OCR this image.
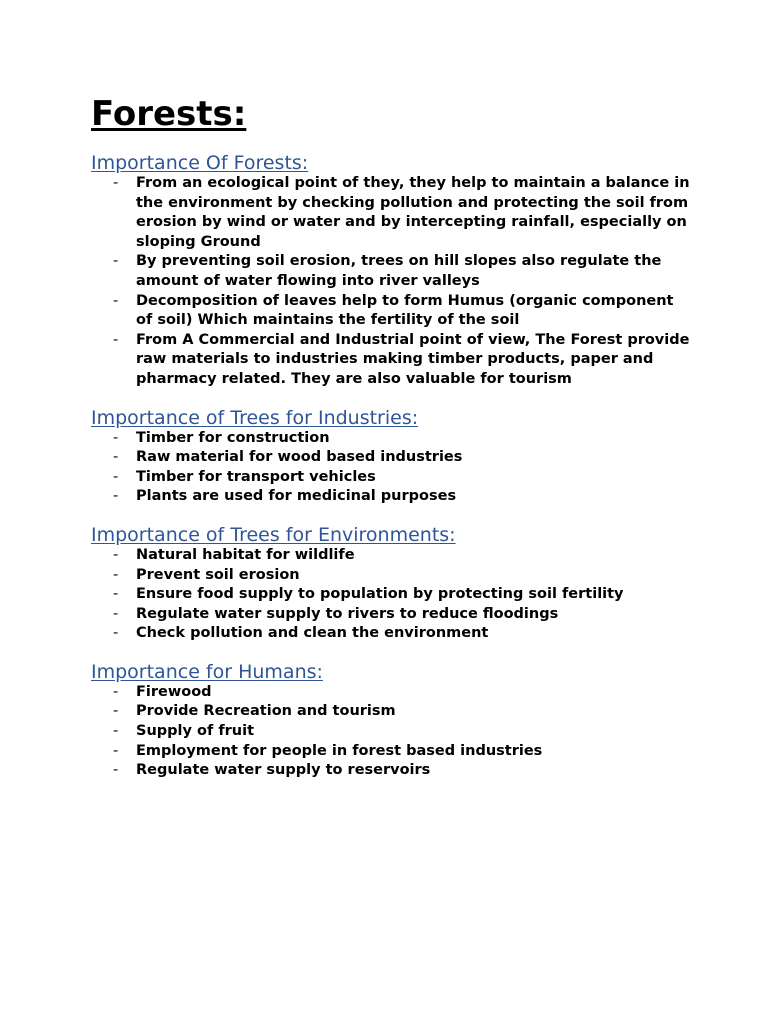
Forests:
Importance Of Forests:
- From an ecological point of they, they help to maintain a balance in the environment by checking pollution and protecting the soil from erosion by wind or water and by intercepting rainfall, especially on sloping Ground
- By preventing soil erosion, trees on hill slopes also regulate the amount of water flowing into river valleys
- Decomposition of leaves help to form Humus (organic component of soil) Which maintains the fertility of the soil
- From A Commercial and Industrial point of view, The Forest provide raw materials to industries making timber products, paper and pharmacy related. They are also valuable for tourism
Importance of Trees for Industries:
- Timber for construction
- Raw material for wood based industries
- Timber for transport vehicles
- Plants are used for medicinal purposes
Importance of Trees for Environments:
- Natural habitat for wildlife
- Prevent soil erosion
- Ensure food supply to population by protecting soil fertility
- Regulate water supply to rivers to reduce floodings
- Check pollution and clean the environment
Importance for Humans:
- Firewood
- Provide Recreation and tourism
- Supply of fruit
- Employment for people in forest based industries
- Regulate water supply to reservoirs
